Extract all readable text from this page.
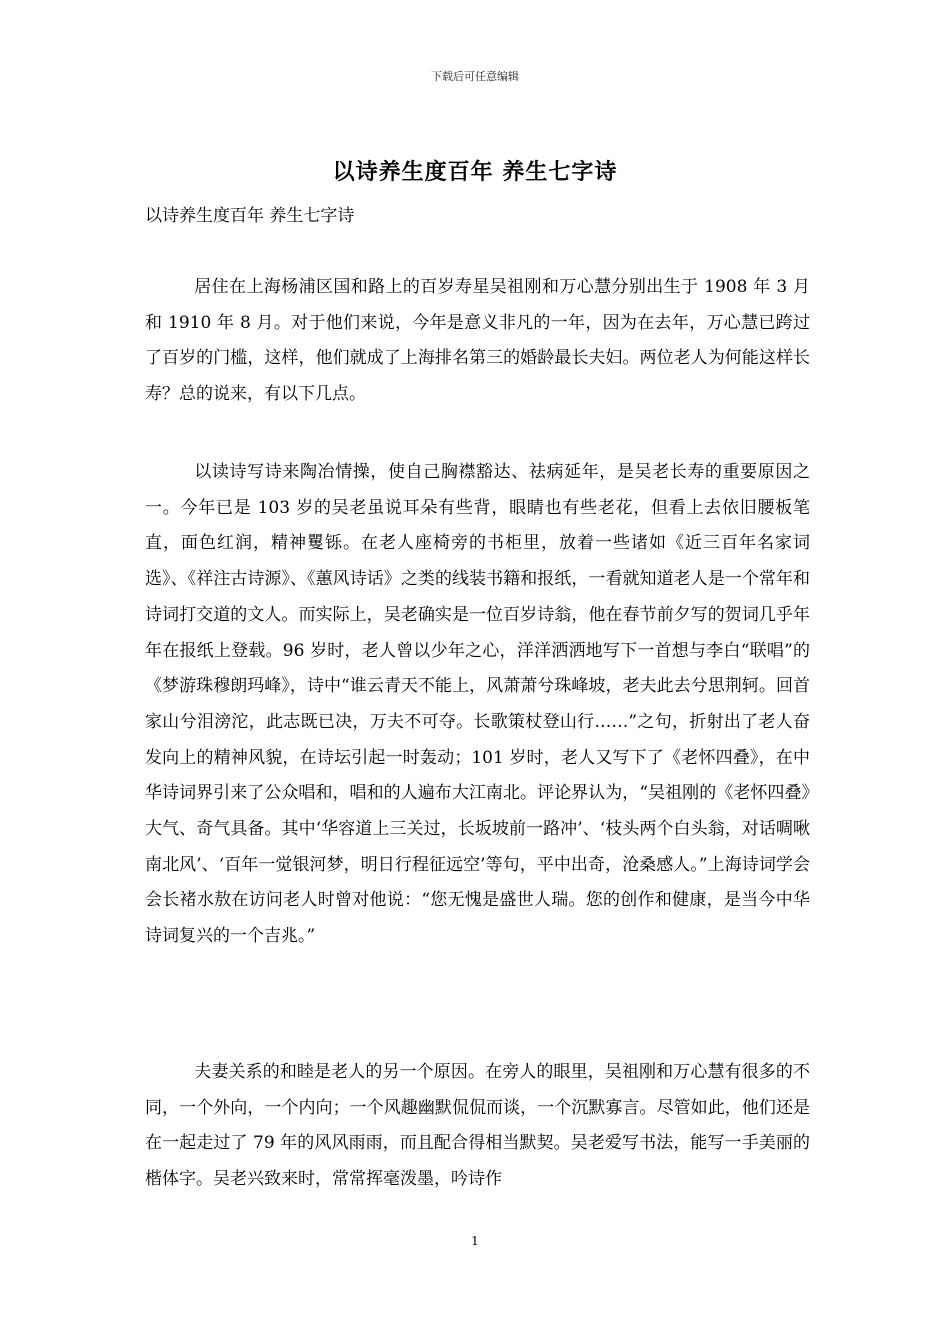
下载后可任意编辑
以诗养生度百年 养生七字诗
以诗养生度百年 养生七字诗

居住在上海杨浦区国和路上的百岁寿星吴祖刚和万心慧分别出生于 1908 年 3 月和 1910 年 8 月。对于他们来说，今年是意义非凡的一年，因为在去年，万心慧已跨过了百岁的门槛，这样，他们就成了上海排名第三的婚龄最长夫妇。两位老人为何能这样长寿？总的说来，有以下几点。

以读诗写诗来陶冶情操，使自己胸襟豁达、祛病延年，是吴老长寿的重要原因之一。今年已是 103 岁的吴老虽说耳朵有些背，眼睛也有些老花，但看上去依旧腰板笔直，面色红润，精神矍铄。在老人座椅旁的书柜里，放着一些诸如《近三百年名家词选》、《祥注古诗源》、《蕙风诗话》之类的线装书籍和报纸，一看就知道老人是一个常年和诗词打交道的文人。而实际上，吴老确实是一位百岁诗翁，他在春节前夕写的贺词几乎年年在报纸上登载。96 岁时，老人曾以少年之心，洋洋洒洒地写下一首想与李白“联唱”的《梦游珠穆朗玛峰》，诗中“谁云青天不能上，风萧萧兮珠峰坡，老夫此去兮思荆轲。回首家山兮泪滂沱，此志既已决，万夫不可夺。长歌策杖登山行……”之句，折射出了老人奋发向上的精神风貌，在诗坛引起一时轰动；101 岁时，老人又写下了《老怀四叠》，在中华诗词界引来了公众唱和，唱和的人遍布大江南北。评论界认为，“吴祖刚的《老怀四叠》大气、奇气具备。其中‘华容道上三关过，长坂坡前一路冲’、‘枝头两个白头翁，对话啁啾南北风’、‘百年一觉银河梦，明日行程征远空’等句，平中出奇，沧桑感人。”上海诗词学会会长褚水敖在访问老人时曾对他说：“您无愧是盛世人瑞。您的创作和健康，是当今中华诗词复兴的一个吉兆。”

夫妻关系的和睦是老人的另一个原因。在旁人的眼里，吴祖刚和万心慧有很多的不同，一个外向，一个内向；一个风趣幽默侃侃而谈，一个沉默寡言。尽管如此，他们还是在一起走过了 79 年的风风雨雨，而且配合得相当默契。吴老爱写书法，能写一手美丽的楷体字。吴老兴致来时，常常挥毫泼墨，吟诗作

1
